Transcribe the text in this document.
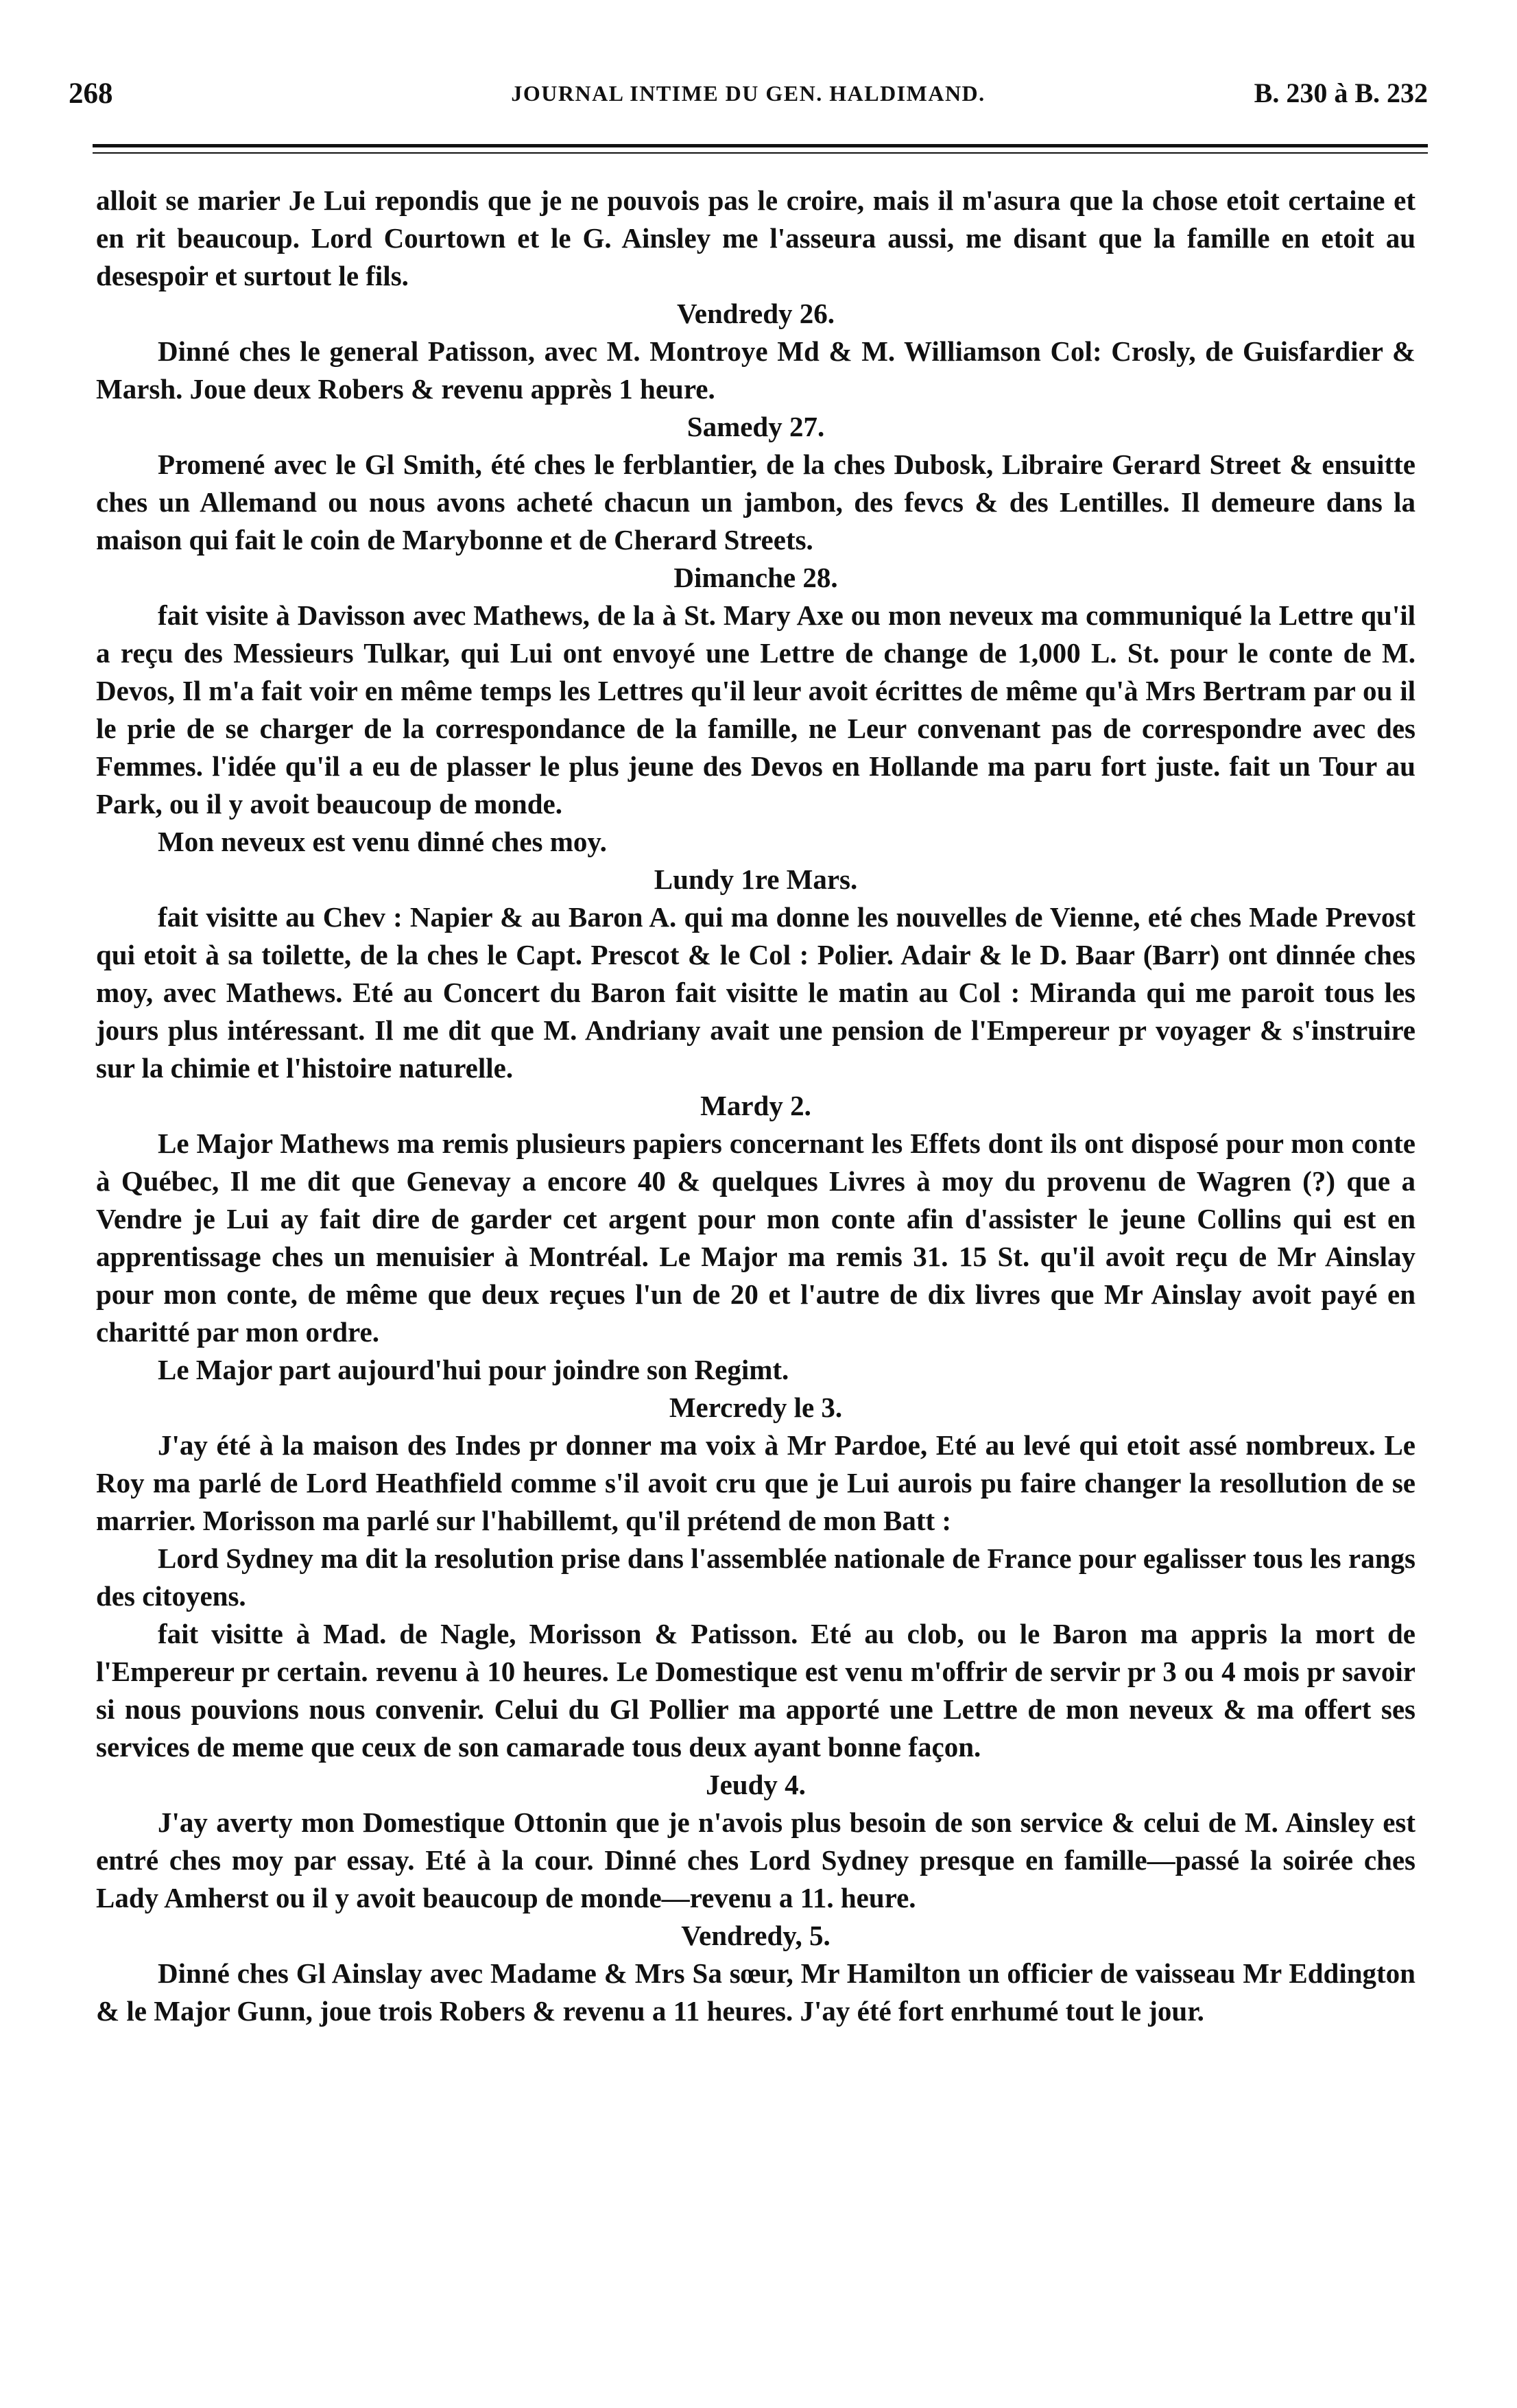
268	JOURNAL INTIME DU GEN. HALDIMAND.	B. 230 à B. 232

alloit se marier Je Lui repondis que je ne pouvois pas le croire, mais il m'asura que la chose etoit certaine et en rit beaucoup. Lord Courtown et le G. Ainsley me l'asseura aussi, me disant que la famille en etoit au desespoir et surtout le fils.

Vendredy 26.

Dinné ches le general Patisson, avec M. Montroye Md & M. Williamson Col: Crosly, de Guisfardier & Marsh. Joue deux Robers & revenu apprès 1 heure.

Samedy 27.

Promené avec le Gl Smith, été ches le ferblantier, de la ches Dubosk, Libraire Gerard Street & ensuitte ches un Allemand ou nous avons acheté chacun un jambon, des fevcs & des Lentilles. Il demeure dans la maison qui fait le coin de Marybonne et de Cherard Streets.

Dimanche 28.

fait visite à Davisson avec Mathews, de la à St. Mary Axe ou mon neveux ma communiqué la Lettre qu'il a reçu des Messieurs Tulkar, qui Lui ont envoyé une Lettre de change de 1,000 L. St. pour le conte de M. Devos, Il m'a fait voir en même temps les Lettres qu'il leur avoit écrittes de même qu'à Mrs Bertram par ou il le prie de se charger de la correspondance de la famille, ne Leur convenant pas de correspondre avec des Femmes. l'idée qu'il a eu de plasser le plus jeune des Devos en Hollande ma paru fort juste. fait un Tour au Park, ou il y avoit beaucoup de monde.

Mon neveux est venu dinné ches moy.

Lundy 1re Mars.

fait visitte au Chev : Napier & au Baron A. qui ma donne les nouvelles de Vienne, eté ches Made Prevost qui etoit à sa toilette, de la ches le Capt. Prescot & le Col : Polier. Adair & le D. Baar (Barr) ont dinnée ches moy, avec Mathews. Eté au Concert du Baron fait visitte le matin au Col : Miranda qui me paroit tous les jours plus intéressant. Il me dit que M. Andriany avait une pension de l'Empereur pr voyager & s'instruire sur la chimie et l'histoire naturelle.

Mardy 2.

Le Major Mathews ma remis plusieurs papiers concernant les Effets dont ils ont disposé pour mon conte à Québec, Il me dit que Genevay a encore 40 & quelques Livres à moy du provenu de Wagren (?) que a Vendre je Lui ay fait dire de garder cet argent pour mon conte afin d'assister le jeune Collins qui est en apprentissage ches un menuisier à Montréal. Le Major ma remis 31. 15 St. qu'il avoit reçu de Mr Ainslay pour mon conte, de même que deux reçues l'un de 20 et l'autre de dix livres que Mr Ainslay avoit payé en charitté par mon ordre.

Le Major part aujourd'hui pour joindre son Regimt.

Mercredy le 3.

J'ay été à la maison des Indes pr donner ma voix à Mr Pardoe, Eté au levé qui etoit assé nombreux. Le Roy ma parlé de Lord Heathfield comme s'il avoit cru que je Lui aurois pu faire changer la resollution de se marrier. Morisson ma parlé sur l'habillemt, qu'il prétend de mon Batt :

Lord Sydney ma dit la resolution prise dans l'assemblée nationale de France pour egalisser tous les rangs des citoyens.

fait visitte à Mad. de Nagle, Morisson & Patisson. Eté au clob, ou le Baron ma appris la mort de l'Empereur pr certain. revenu à 10 heures. Le Domestique est venu m'offrir de servir pr 3 ou 4 mois pr savoir si nous pouvions nous convenir. Celui du Gl Pollier ma apporté une Lettre de mon neveux & ma offert ses services de meme que ceux de son camarade tous deux ayant bonne façon.

Jeudy 4.

J'ay averty mon Domestique Ottonin que je n'avois plus besoin de son service & celui de M. Ainsley est entré ches moy par essay. Eté à la cour. Dinné ches Lord Sydney presque en famille—passé la soirée ches Lady Amherst ou il y avoit beaucoup de monde—revenu a 11. heure.

Vendredy, 5.

Dinné ches Gl Ainslay avec Madame & Mrs Sa sœur, Mr Hamilton un officier de vaisseau Mr Eddington & le Major Gunn, joue trois Robers & revenu a 11 heures. J'ay été fort enrhumé tout le jour.
